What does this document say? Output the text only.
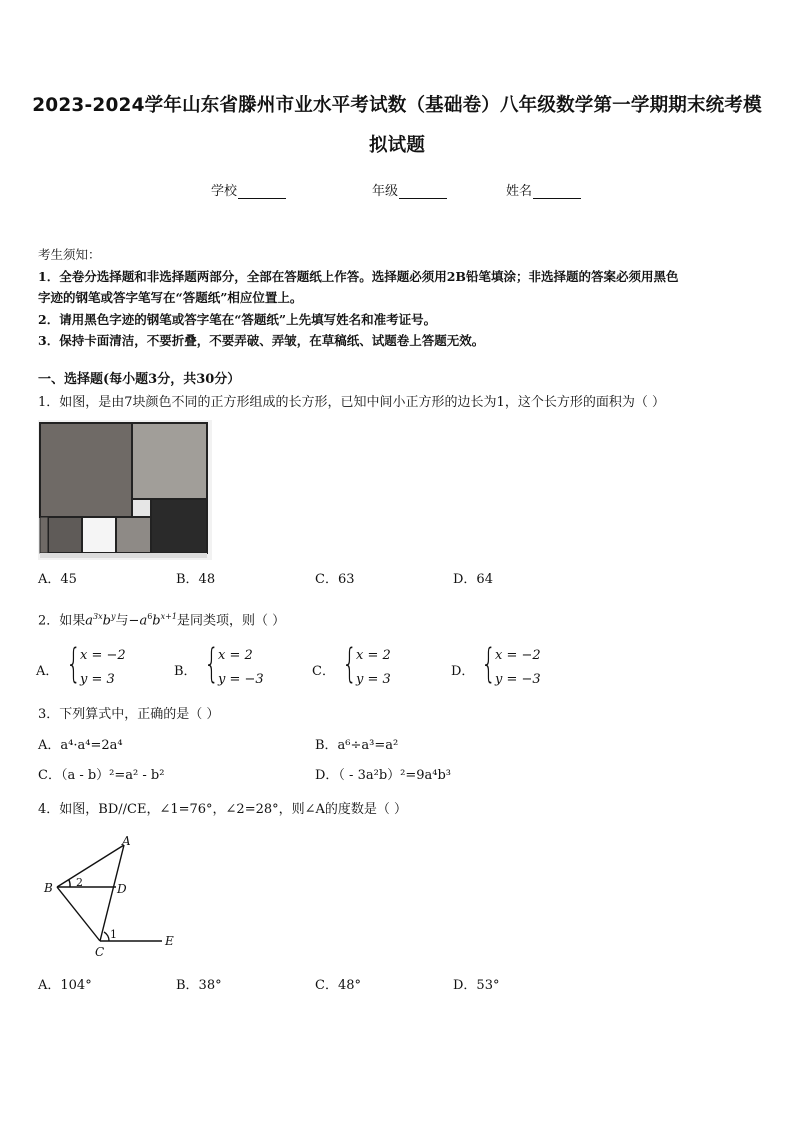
2023-2024学年山东省滕州市业水平考试数（基础卷）八年级数学第一学期期末统考模
拟试题
学校	年级	姓名

考生须知：

1．全卷分选择题和非选择题两部分，全部在答题纸上作答。选择题必须用2B铅笔填涂；非选择题的答案必须用黑色

字迹的钢笔或答字笔写在“答题纸”相应位置上。

2．请用黑色字迹的钢笔或答字笔在“答题纸”上先填写姓名和准考证号。

3．保持卡面清洁，不要折叠，不要弄破、弄皱，在草稿纸、试题卷上答题无效。

一、选择题(每小题3分，共30分）
1．如图，是由7块颜色不同的正方形组成的长方形，已知中间小正方形的边长为1，这个长方形的面积为（ ）
A．45	B．48	C．63	D．64
2．如果$a^{3x}b^y$与$-a^6b^{x+1}$是同类项，则（ ）
A． {
x = −2
y = 3
B． {
x = 2
y = −3
C． {
x = 2
y = 3
D． {
x = −2
y = −3
3．下列算式中，正确的是（ ）
A．a⁴·a⁴=2a⁴	B．a⁶÷a³=a²
C．（a - b）²=a² - b²	D．（ - 3a²b）²=9a⁴b³
4．如图，BD//CE，∠1=76°，∠2=28°，则∠A的度数是（ ）
A
B	D
C
E
2
1
A．104°	B．38°	C．48°	D．53°
